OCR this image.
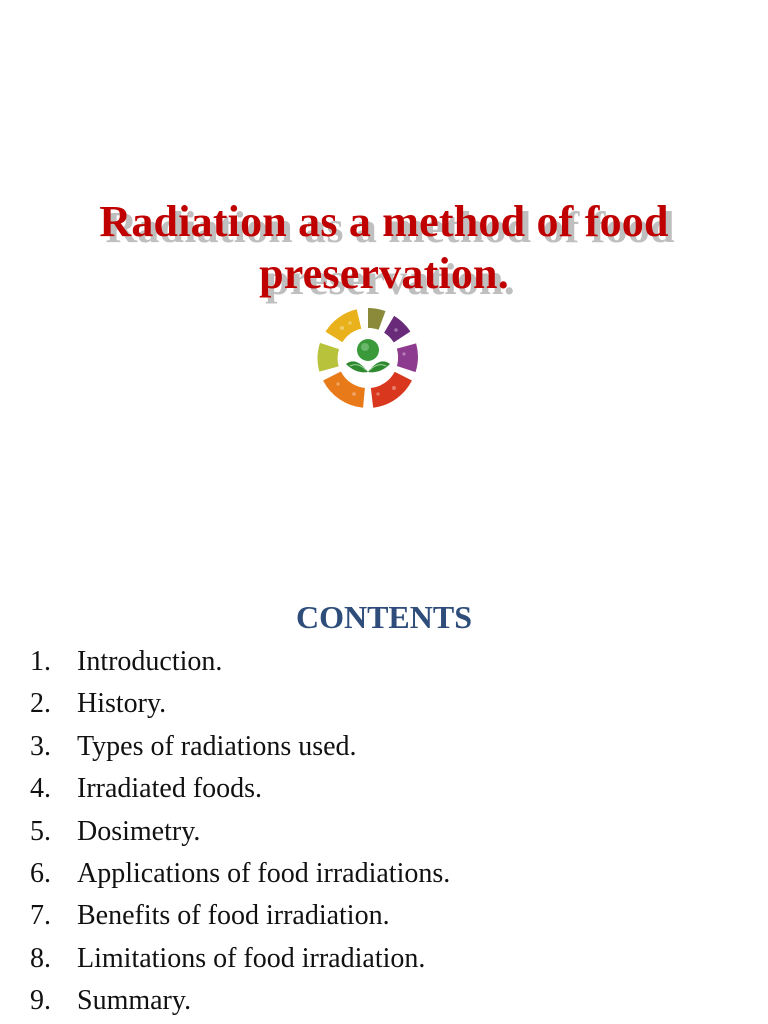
Radiation as a method of food preservation.
CONTENTS
1. Introduction.
2. History.
3. Types of radiations used.
4. Irradiated foods.
5. Dosimetry.
6. Applications of food irradiations.
7. Benefits of food irradiation.
8. Limitations of food irradiation.
9. Summary.
